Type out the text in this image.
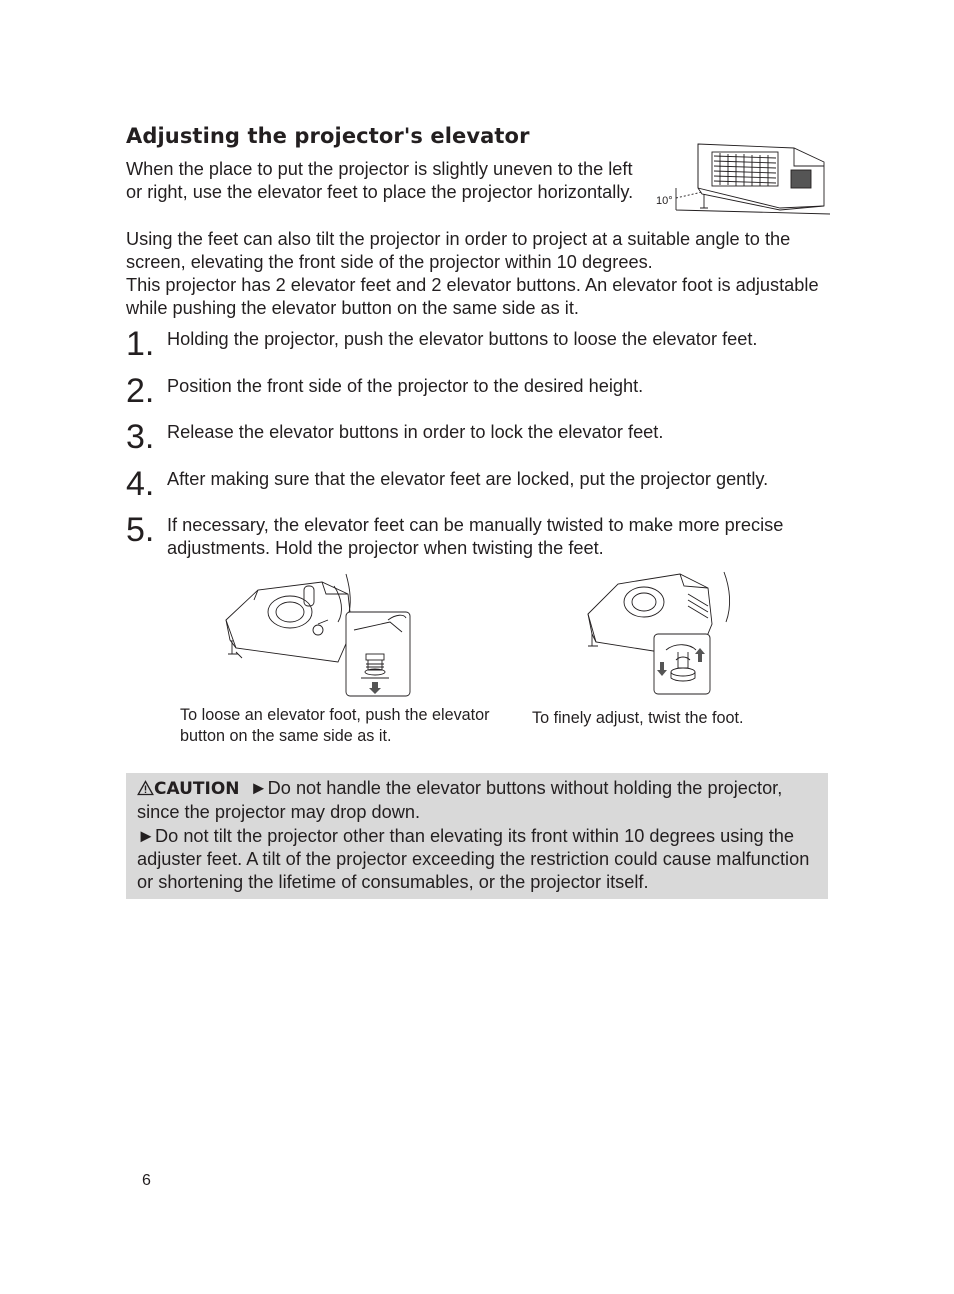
Adjusting the projector's elevator

When the place to put the projector is slightly uneven to the left or right, use the elevator feet to place the projector horizontally.	10°

Using the feet can also tilt the projector in order to project at a suitable angle to the screen, elevating the front side of the projector within 10 degrees.

This projector has 2 elevator feet and 2 elevator buttons. An elevator foot is adjustable while pushing the elevator button on the same side as it.

1. Holding the projector, push the elevator buttons to loose the elevator feet.
2. Position the front side of the projector to the desired height.
3. Release the elevator buttons in order to lock the elevator feet.
4. After making sure that the elevator feet are locked, put the projector gently.
5. If necessary, the elevator feet can be manually twisted to make more precise adjustments. Hold the projector when twisting the feet.

To loose an elevator foot, push the elevator button on the same side as it.

To finely adjust, twist the foot.

CAUTION ►Do not handle the elevator buttons without holding the projector, since the projector may drop down.
►Do not tilt the projector other than elevating its front within 10 degrees using the adjuster feet. A tilt of the projector exceeding the restriction could cause malfunction or shortening the lifetime of consumables, or the projector itself.

6
